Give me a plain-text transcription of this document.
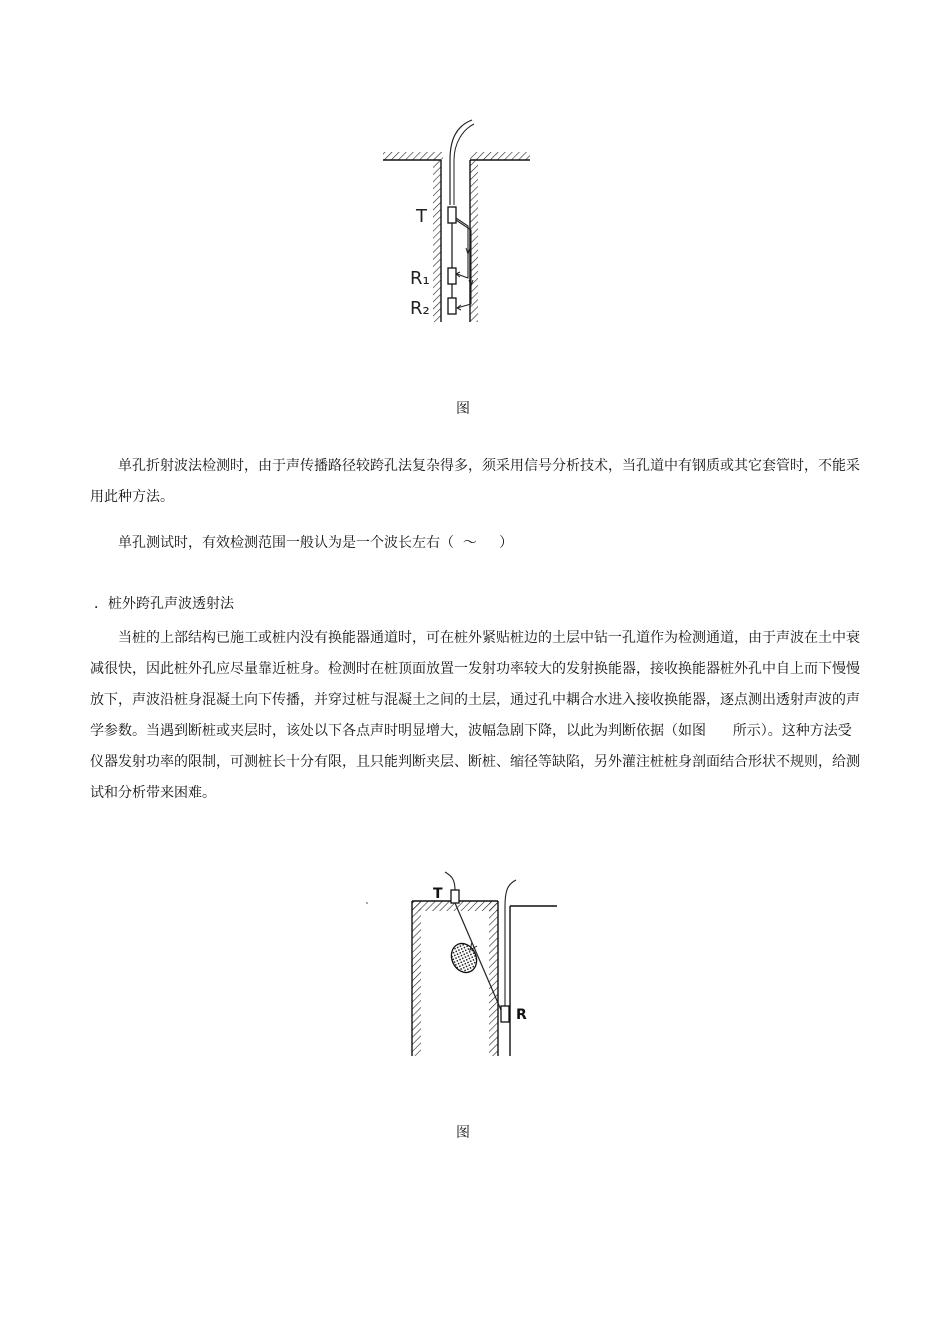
T
R₁
R₂
图
单孔折射波法检测时，由于声传播路径较跨孔法复杂得多，须采用信号分析技术，当孔道中有钢质或其它套管时，不能采用此种方法。
单孔测试时，有效检测范围一般认为是一个波长左右（  ～     ）
．桩外跨孔声波透射法
当桩的上部结构已施工或桩内没有换能器通道时，可在桩外紧贴桩边的土层中钻一孔道作为检测通道，由于声波在土中衰减很快，因此桩外孔应尽量靠近桩身。检测时在桩顶面放置一发射功率较大的发射换能器，接收换能器桩外孔中自上而下慢慢放下，声波沿桩身混凝土向下传播，并穿过桩与混凝土之间的土层，通过孔中耦合水进入接收换能器，逐点测出透射声波的声学参数。当遇到断桩或夹层时，该处以下各点声时明显增大，波幅急剧下降，以此为判断依据（如图      所示）。这种方法受仪器发射功率的限制，可测桩长十分有限，且只能判断夹层、断桩、缩径等缺陷，另外灌注桩桩身剖面结合形状不规则，给测试和分析带来困难。
T
R
图
